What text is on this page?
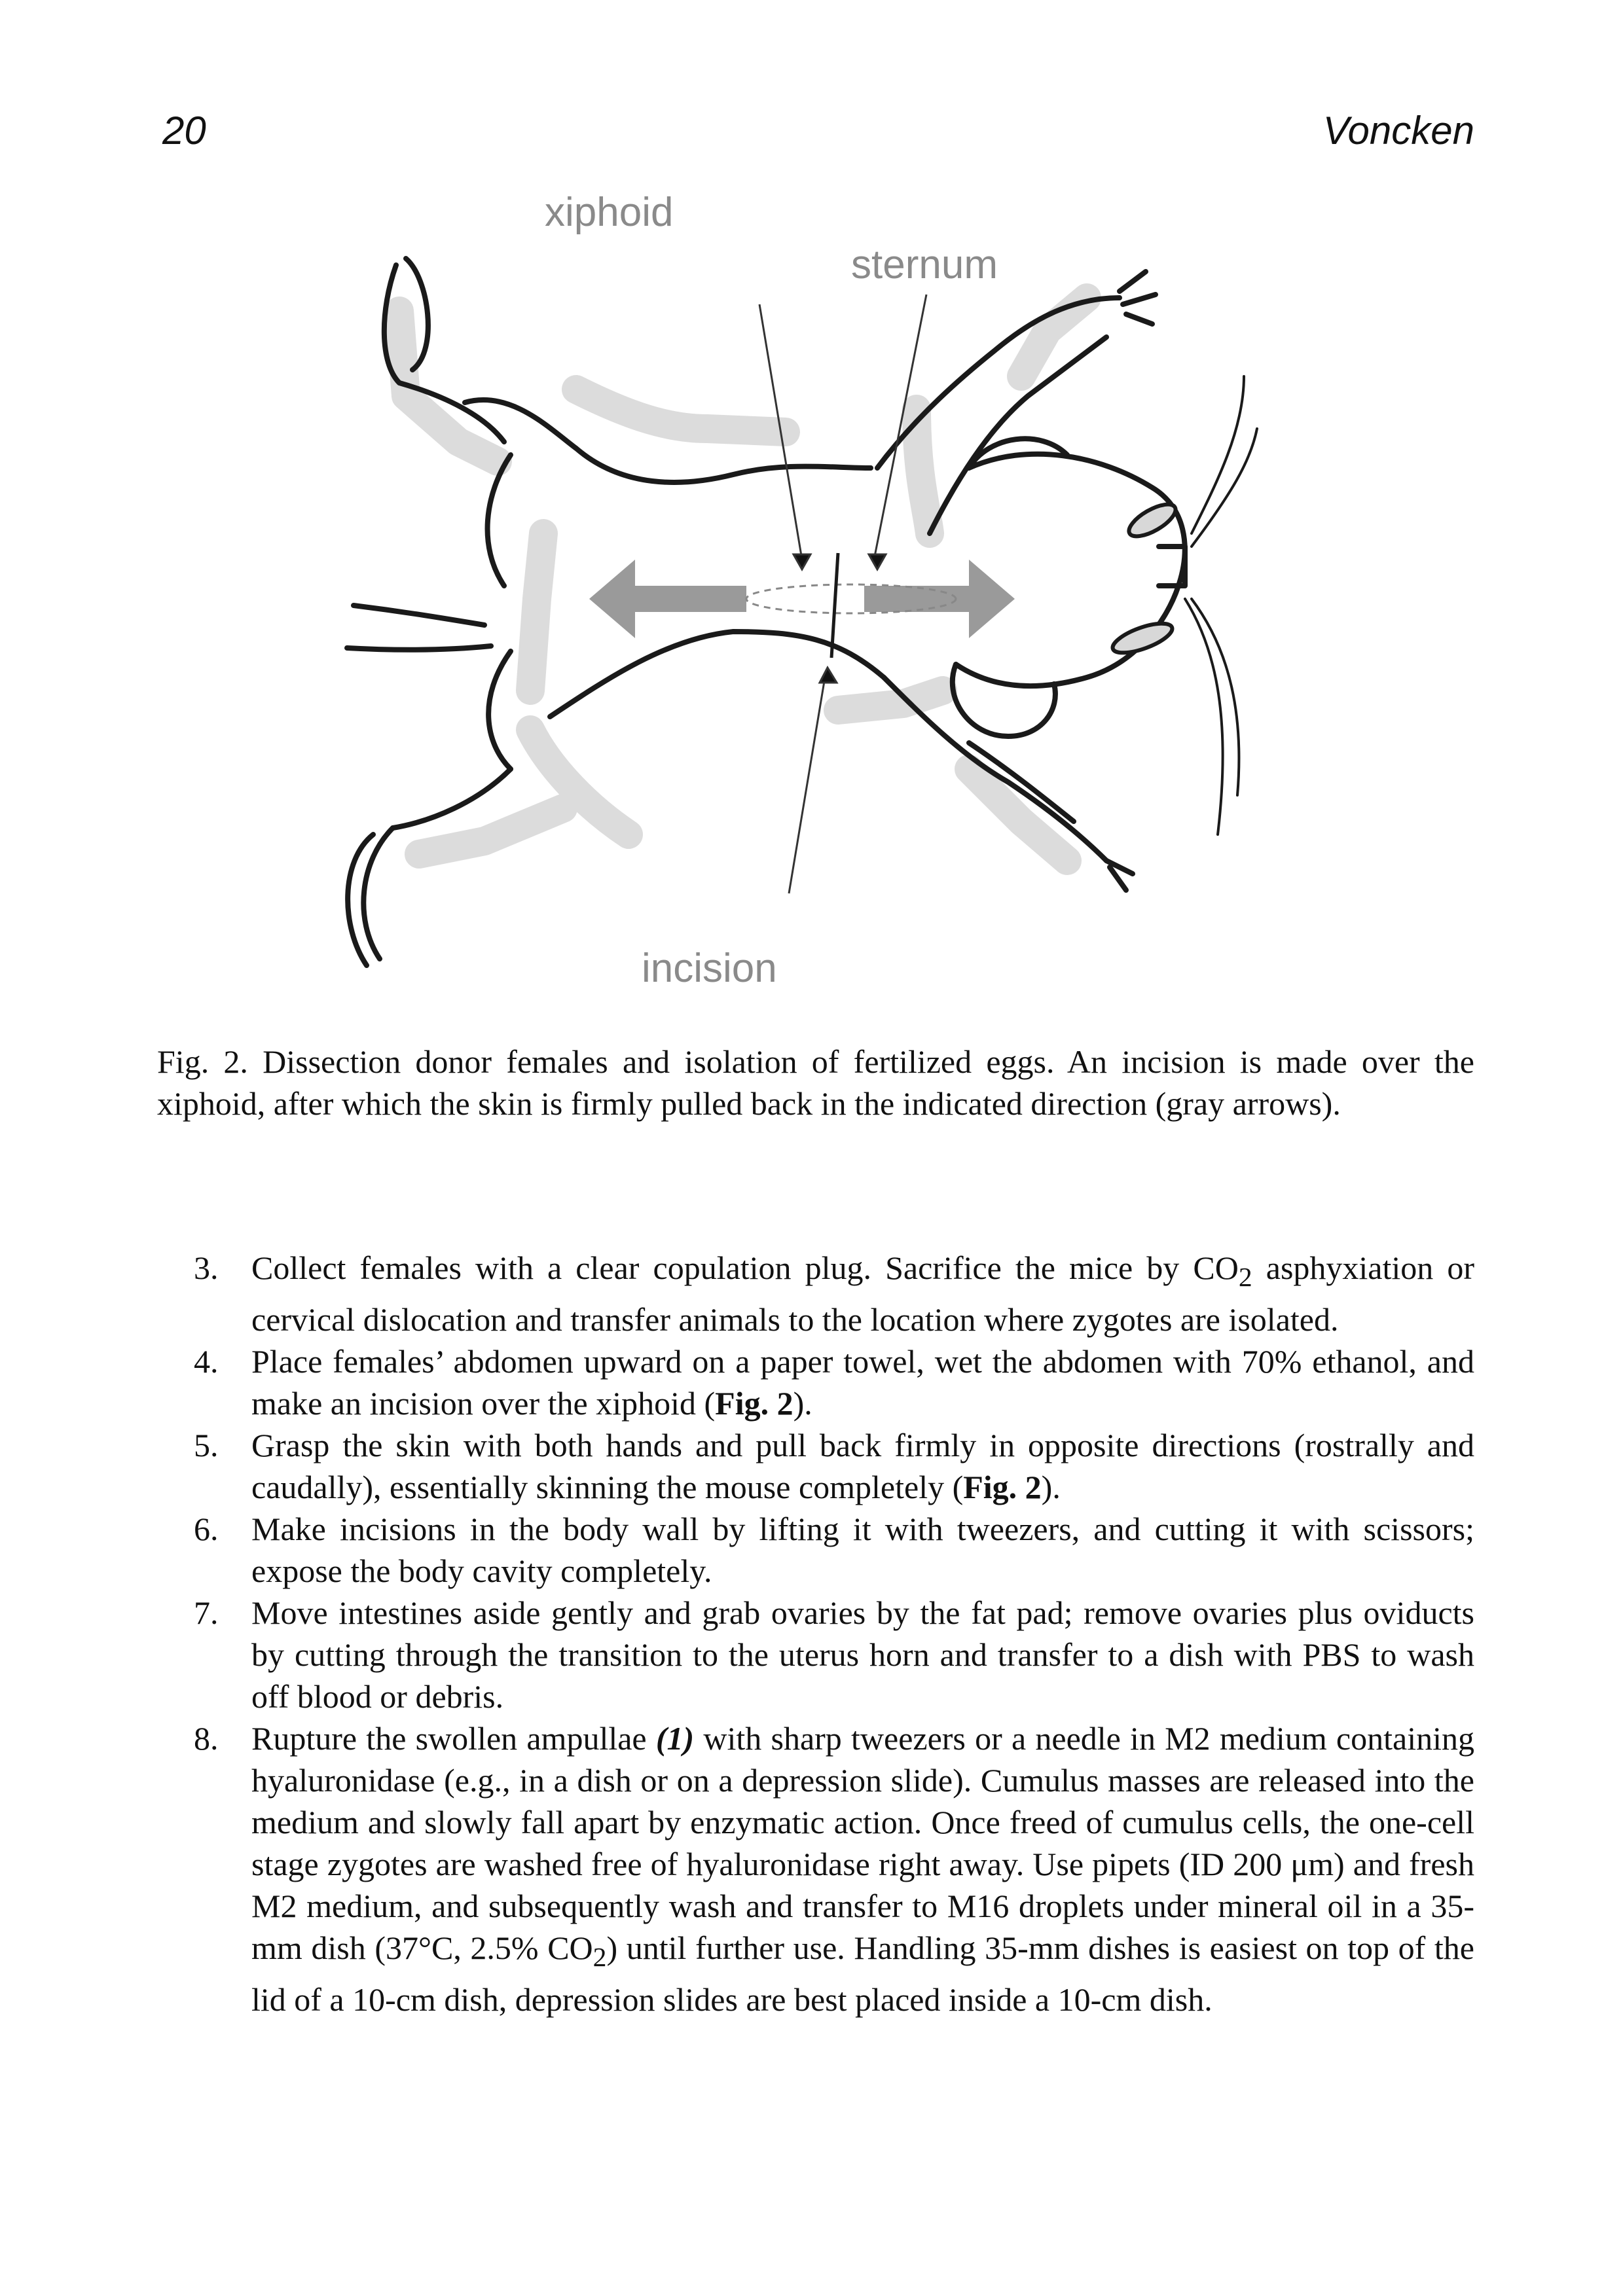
20	Voncken
xiphoid
sternum
incision

Fig. 2. Dissection donor females and isolation of fertilized eggs. An incision is made over the xiphoid, after which the skin is firmly pulled back in the indicated direction (gray arrows).

3. Collect females with a clear copulation plug. Sacrifice the mice by $CO_2$ asphyxiation or cervical dislocation and transfer animals to the location where zygotes are isolated.
4. Place females’ abdomen upward on a paper towel, wet the abdomen with 70% ethanol, and make an incision over the xiphoid (Fig. 2).
5. Grasp the skin with both hands and pull back firmly in opposite directions (rostrally and caudally), essentially skinning the mouse completely (Fig. 2).
6. Make incisions in the body wall by lifting it with tweezers, and cutting it with scissors; expose the body cavity completely.
7. Move intestines aside gently and grab ovaries by the fat pad; remove ovaries plus oviducts by cutting through the transition to the uterus horn and transfer to a dish with PBS to wash off blood or debris.
8. Rupture the swollen ampullae (1) with sharp tweezers or a needle in M2 medium containing hyaluronidase (e.g., in a dish or on a depression slide). Cumulus masses are released into the medium and slowly fall apart by enzymatic action. Once freed of cumulus cells, the one-cell stage zygotes are washed free of hyaluronidase right away. Use pipets (ID 200 μm) and fresh M2 medium, and subsequently wash and transfer to M16 droplets under mineral oil in a 35-mm dish (37°C, 2.5% $CO_2$) until further use. Handling 35-mm dishes is easiest on top of the lid of a 10-cm dish, depression slides are best placed inside a 10-cm dish.
